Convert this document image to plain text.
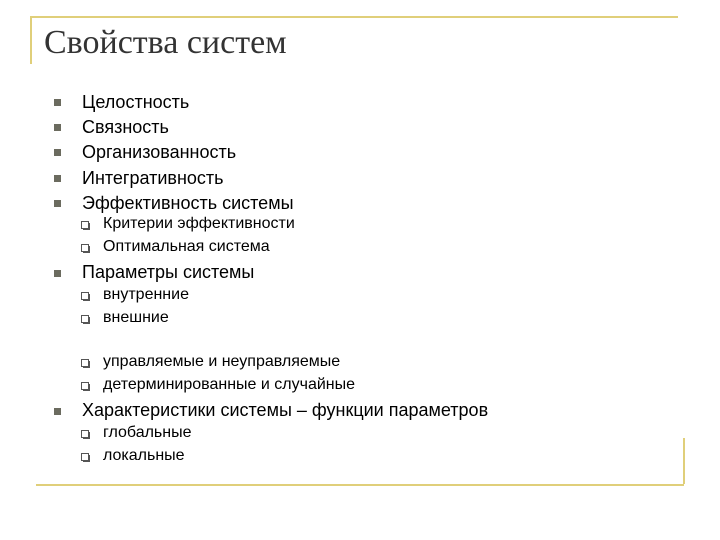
Свойства систем
Целостность
Связность
Организованность
Интегративность
Эффективность системы
Критерии эффективности
Оптимальная система
Параметры системы
внутренние
внешние
управляемые и неуправляемые
детерминированные и случайные
Характеристики системы – функции параметров
глобальные
локальные
